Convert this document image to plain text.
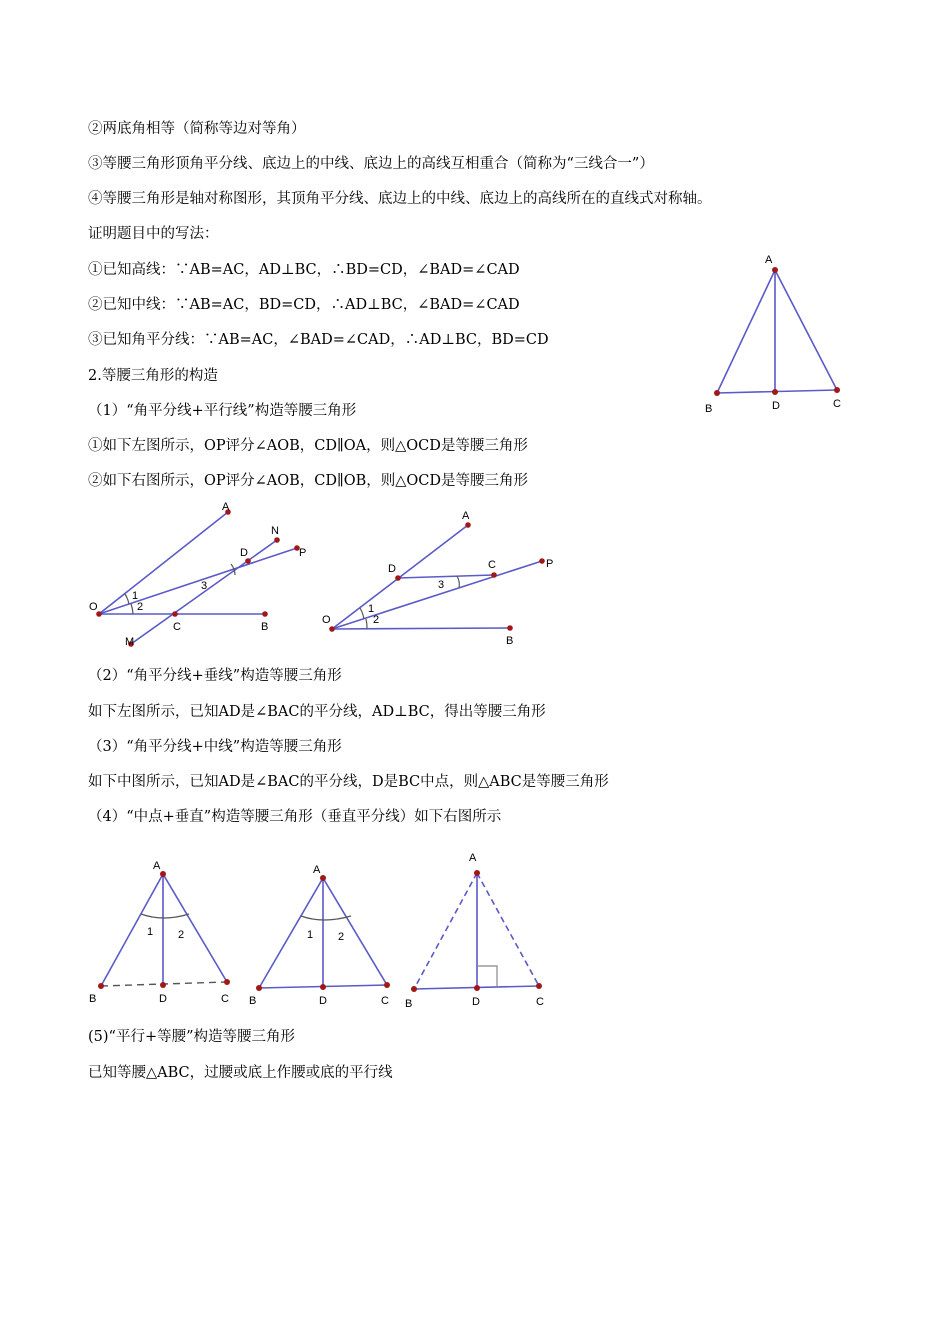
②两底角相等（简称等边对等角）
③等腰三角形顶角平分线、底边上的中线、底边上的高线互相重合（简称为“三线合一”）
④等腰三角形是轴对称图形，其顶角平分线、底边上的中线、底边上的高线所在的直线式对称轴。
证明题目中的写法：
①已知高线：∵AB=AC，AD⊥BC，∴BD=CD，∠BAD=∠CAD
②已知中线：∵AB=AC，BD=CD，∴AD⊥BC，∠BAD=∠CAD
③已知角平分线：∵AB=AC，∠BAD=∠CAD，∴AD⊥BC，BD=CD
2.等腰三角形的构造
（1）“角平分线+平行线”构造等腰三角形
①如下左图所示，OP评分∠AOB，CD∥OA，则△OCD是等腰三角形
②如下右图所示，OP评分∠AOB，CD∥OB，则△OCD是等腰三角形
（2）“角平分线+垂线”构造等腰三角形
如下左图所示，已知AD是∠BAC的平分线，AD⊥BC，得出等腰三角形
（3）“角平分线+中线”构造等腰三角形
如下中图所示，已知AD是∠BAC的平分线，D是BC中点，则△ABC是等腰三角形
（4）“中点+垂直”构造等腰三角形（垂直平分线）如下右图所示
(5)“平行+等腰”构造等腰三角形
已知等腰△ABC，过腰或底上作腰或底的平行线
A
B	C
D
A
N
D	P
O
M
C	B
1
2
3
A
D	C	P
O
B
1
2
3
A
B	C
D
1 2
A
B	C
D
1 2
A
B	C
D
